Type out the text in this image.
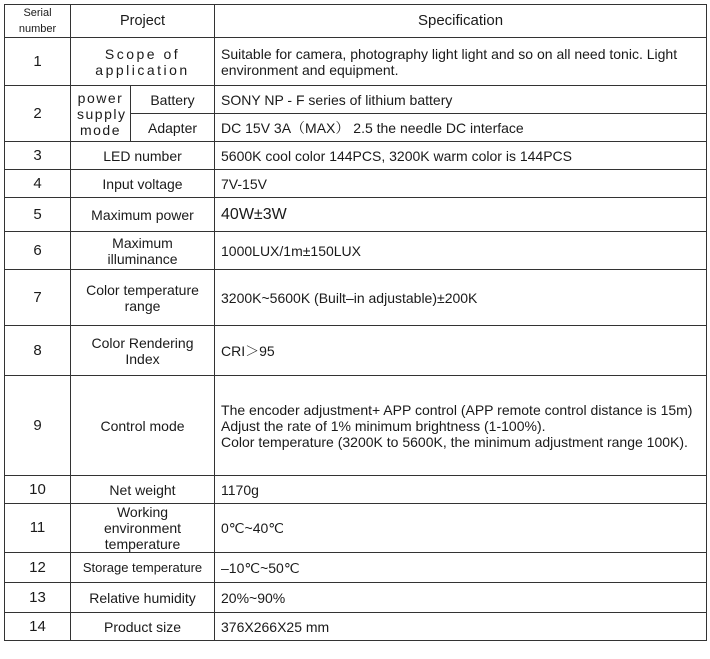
Serial number	Project		Specification
1	Scope of application		Suitable for camera, photography light light and so on all need tonic. Light environment and equipment.
2	power supply mode	Battery	SONY NP - F series of lithium battery
		Adapter	DC 15V 3A（MAX） 2.5 the needle DC interface
3	LED number		5600K cool color 144PCS, 3200K warm color is 144PCS
4	Input voltage		7V-15V
5	Maximum power		40W±3W
6	Maximum illuminance		1000LUX/1m±150LUX
7	Color temperature range		3200K~5600K (Built–in adjustable)±200K
8	Color Rendering Index		CRI＞95
9	Control mode		The encoder adjustment+ APP control (APP remote control distance is 15m)
Adjust the rate of 1% minimum brightness (1-100%).
Color temperature (3200K to 5600K, the minimum adjustment range 100K).

10	Net weight		1170g
11	Working environment temperature		0℃~40℃
12	Storage temperature		–10℃~50℃
13	Relative humidity		20%~90%
14	Product size		376X266X25 mm
